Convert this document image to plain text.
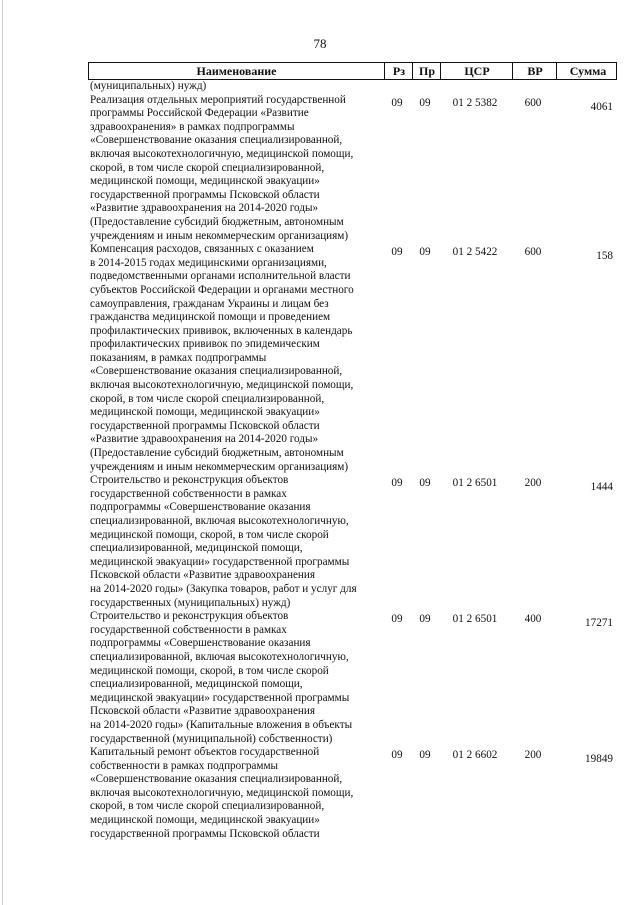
78
Наименование	Рз	Пр	ЦСР	ВР	Сумма
(муниципальных) нужд)
Реализация отдельных мероприятий государственной
программы Российской Федерации «Развитие
здравоохранения» в рамках подпрограммы
«Совершенствование оказания специализированной,
включая высокотехнологичную, медицинской помощи,
скорой, в том числе скорой специализированной,
медицинской помощи, медицинской эвакуации»
государственной программы Псковской области
«Развитие здравоохранения на 2014-2020 годы»
(Предоставление субсидий бюджетным, автономным
учреждениям и иным некоммерческим организациям)
09	09	01 2 5382	600	4061
Компенсация расходов, связанных с оказанием
в 2014-2015 годах медицинскими организациями,
подведомственными органами исполнительной власти
субъектов Российской Федерации и органами местного
самоуправления, гражданам Украины и лицам без
гражданства медицинской помощи и проведением
профилактических прививок, включенных в календарь
профилактических прививок по эпидемическим
показаниям, в рамках подпрограммы
«Совершенствование оказания специализированной,
включая высокотехнологичную, медицинской помощи,
скорой, в том числе скорой специализированной,
медицинской помощи, медицинской эвакуации»
государственной программы Псковской области
«Развитие здравоохранения на 2014-2020 годы»
(Предоставление субсидий бюджетным, автономным
учреждениям и иным некоммерческим организациям)
09	09	01 2 5422	600	158
Строительство и реконструкция объектов
государственной собственности в рамках
подпрограммы «Совершенствование оказания
специализированной, включая высокотехнологичную,
медицинской помощи, скорой, в том числе скорой
специализированной, медицинской помощи,
медицинской эвакуации» государственной программы
Псковской области «Развитие здравоохранения
на 2014-2020 годы» (Закупка товаров, работ и услуг для
государственных (муниципальных) нужд)
09	09	01 2 6501	200	1444
Строительство и реконструкция объектов
государственной собственности в рамках
подпрограммы «Совершенствование оказания
специализированной, включая высокотехнологичную,
медицинской помощи, скорой, в том числе скорой
специализированной, медицинской помощи,
медицинской эвакуации» государственной программы
Псковской области «Развитие здравоохранения
на 2014-2020 годы» (Капитальные вложения в объекты
государственной (муниципальной) собственности)
09	09	01 2 6501	400	17271
Капитальный ремонт объектов государственной
собственности в рамках подпрограммы
«Совершенствование оказания специализированной,
включая высокотехнологичную, медицинской помощи,
скорой, в том числе скорой специализированной,
медицинской помощи, медицинской эвакуации»
государственной программы Псковской области
09	09	01 2 6602	200	19849
